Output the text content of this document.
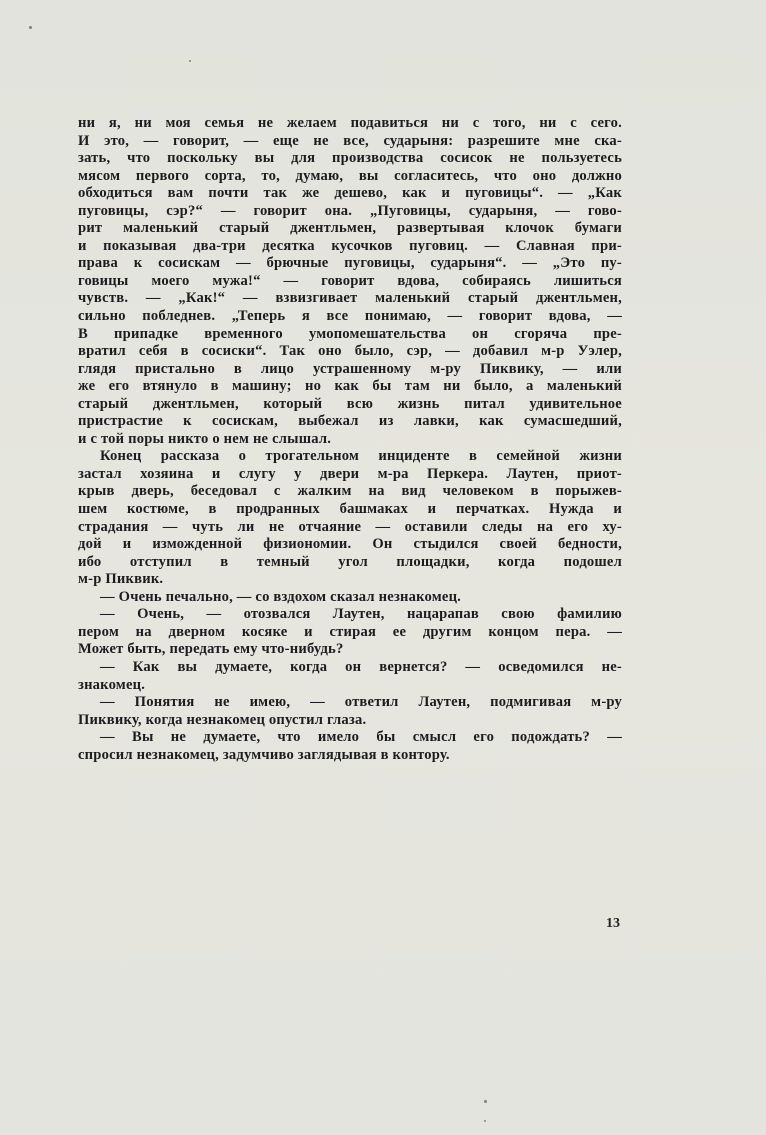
ни я, ни моя семья не желаем подавиться ни с того, ни с сего.
И это, — говорит, — еще не все, сударыня: разрешите мне ска-
зать, что поскольку вы для производства сосисок не пользуетесь
мясом первого сорта, то, думаю, вы согласитесь, что оно должно
обходиться вам почти так же дешево, как и пуговицы“. — „Как
пуговицы, сэр?“ — говорит она. „Пуговицы, сударыня, — гово-
рит маленький старый джентльмен, развертывая клочок бумаги
и показывая два-три десятка кусочков пуговиц. — Славная при-
права к сосискам — брючные пуговицы, сударыня“. — „Это пу-
говицы моего мужа!“ — говорит вдова, собираясь лишиться
чувств. — „Как!“ — взвизгивает маленький старый джентльмен,
сильно побледнев. „Теперь я все понимаю, — говорит вдова, —
В припадке временного умопомешательства он сгоряча пре-
вратил себя в сосиски“. Так оно было, сэр, — добавил м-р Уэлер,
глядя пристально в лицо устрашенному м-ру Пиквику, — или
же его втянуло в машину; но как бы там ни было, а маленький
старый джентльмен, который всю жизнь питал удивительное
пристрастие к сосискам, выбежал из лавки, как сумасшедший,
и с той поры никто о нем не слышал.
Конец рассказа о трогательном инциденте в семейной жизни
застал хозяина и слугу у двери м-ра Перкера. Лаутен, приот-
крыв дверь, беседовал с жалким на вид человеком в порыжев-
шем костюме, в продранных башмаках и перчатках. Нужда и
страдания — чуть ли не отчаяние — оставили следы на его ху-
дой и изможденной физиономии. Он стыдился своей бедности,
ибо отступил в темный угол площадки, когда подошел
м-р Пиквик.
— Очень печально, — со вздохом сказал незнакомец.
— Очень, — отозвался Лаутен, нацарапав свою фамилию
пером на дверном косяке и стирая ее другим концом пера. —
Может быть, передать ему что-нибудь?
— Как вы думаете, когда он вернется? — осведомился не-
знакомец.
— Понятия не имею, — ответил Лаутен, подмигивая м-ру
Пиквику, когда незнакомец опустил глаза.
— Вы не думаете, что имело бы смысл его подождать? —
спросил незнакомец, задумчиво заглядывая в контору.
13
